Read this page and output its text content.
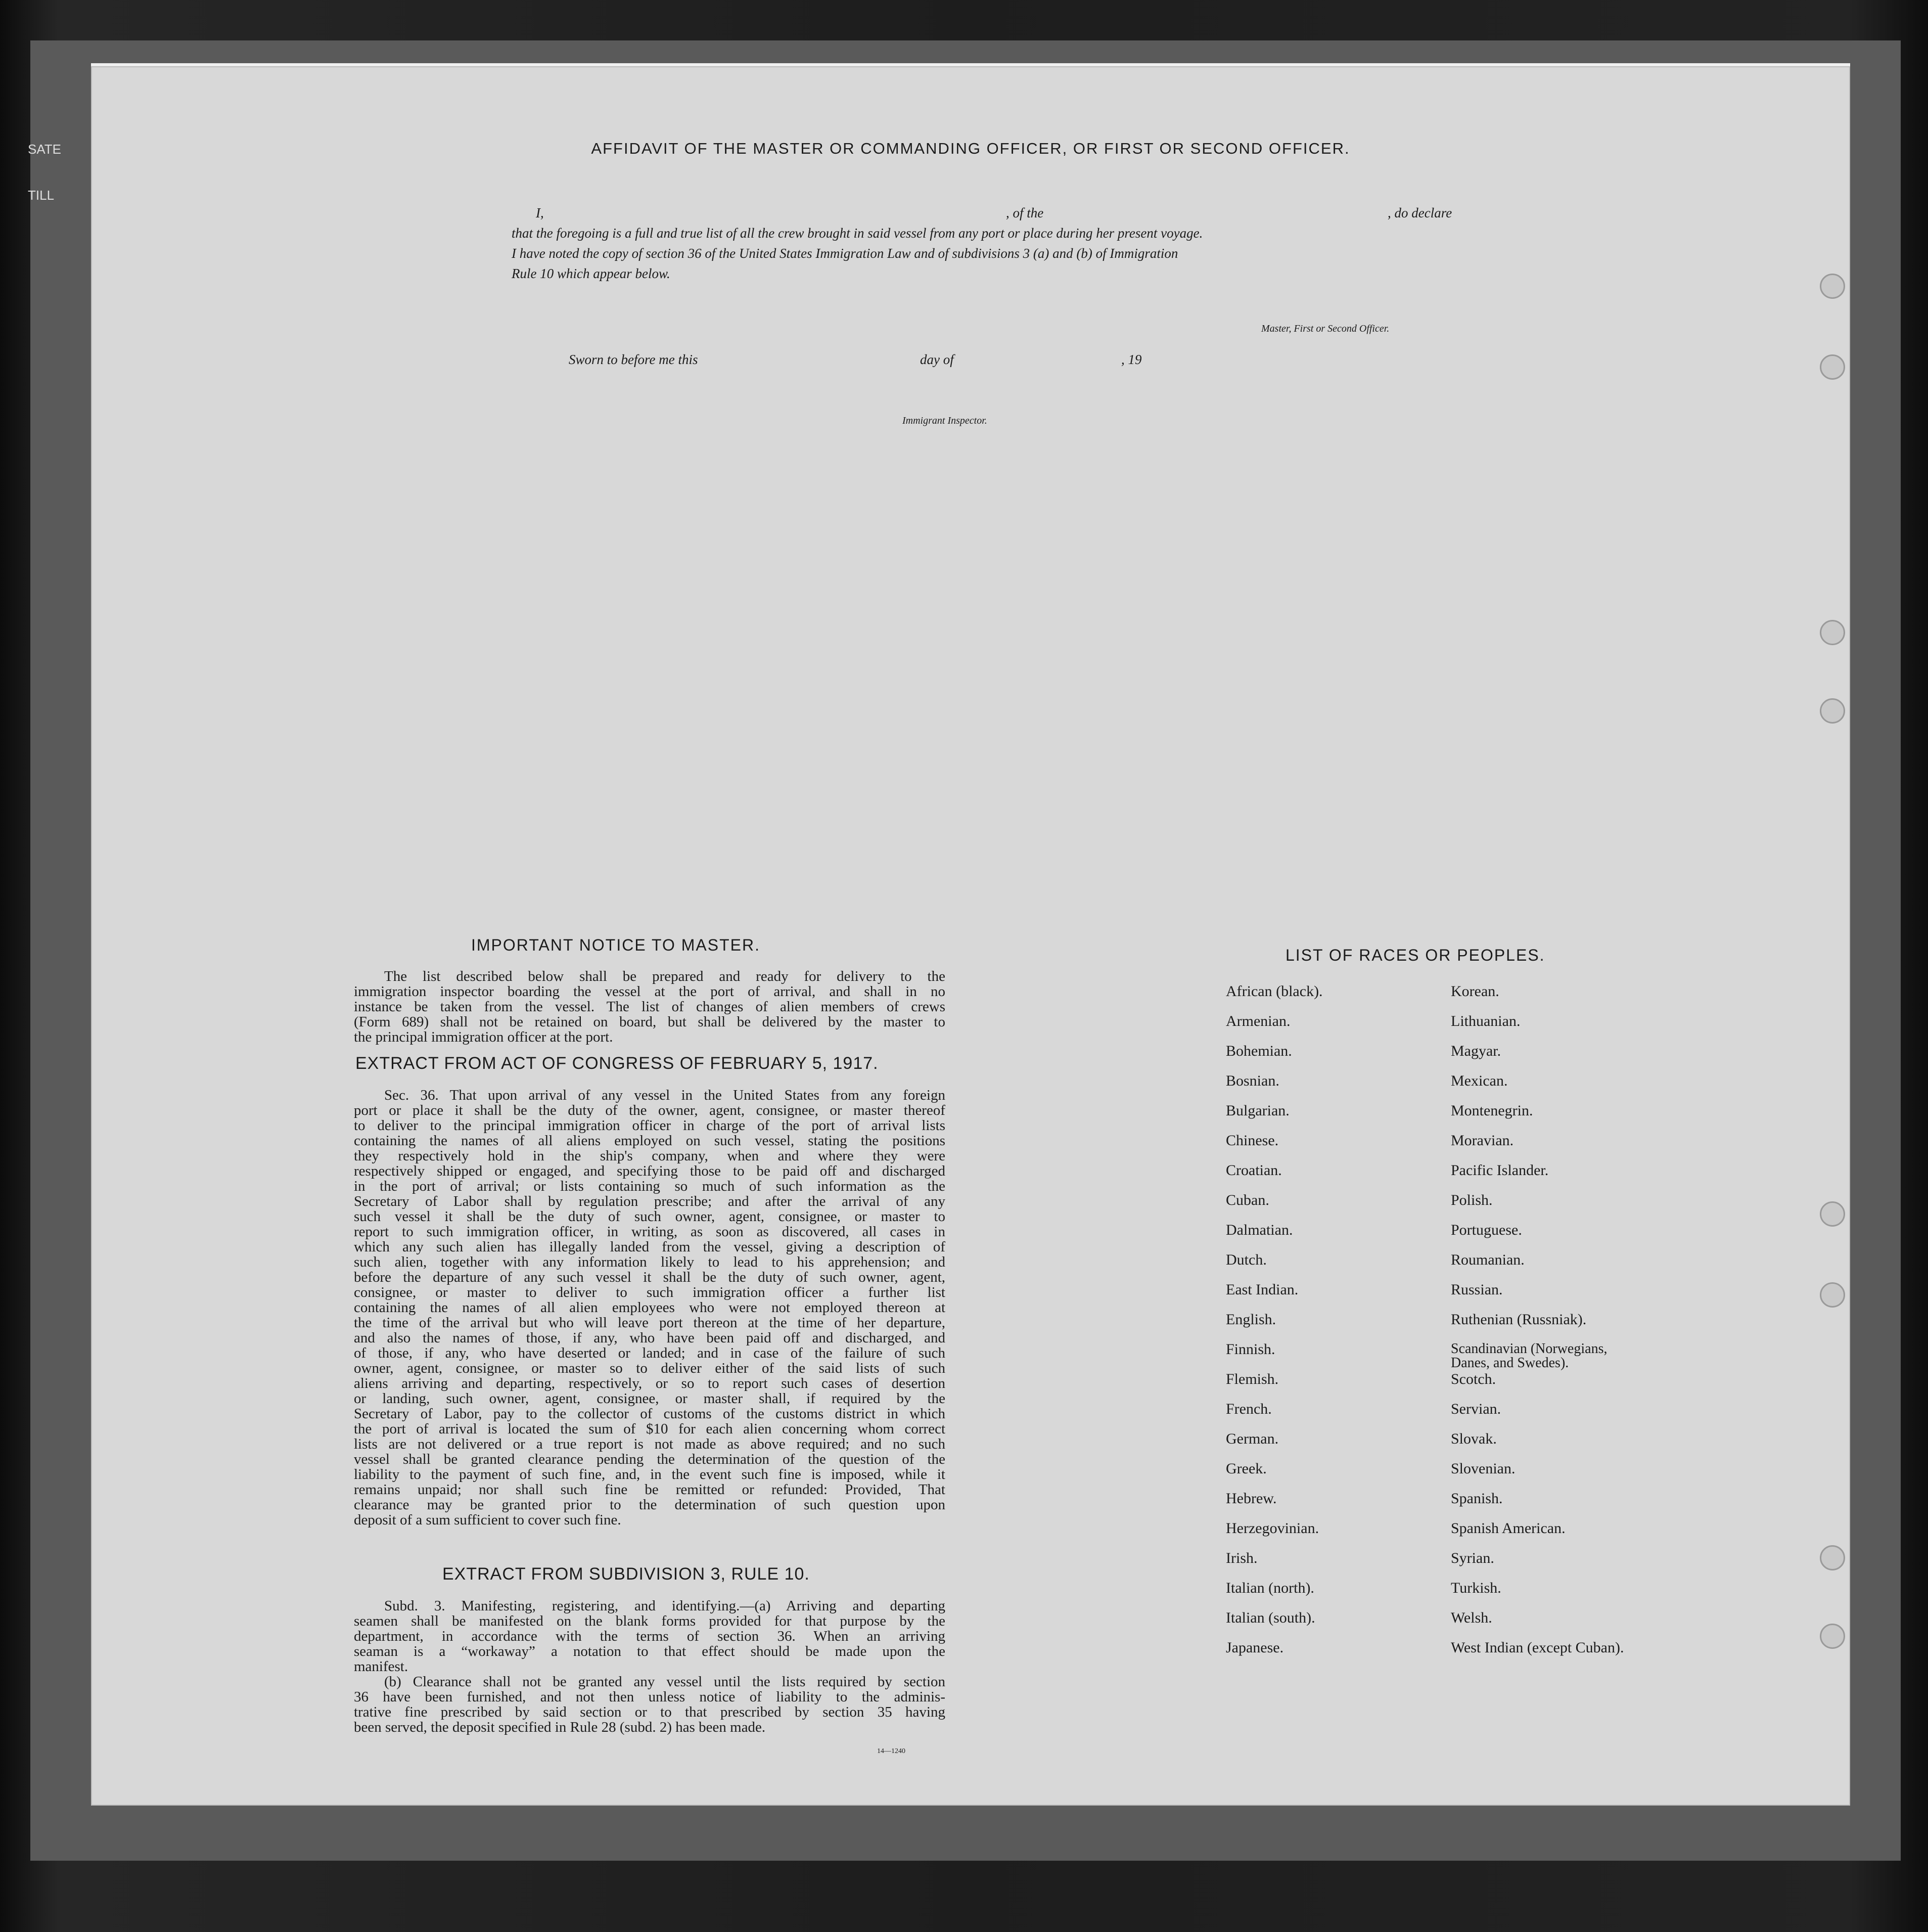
SATE
TILL
AFFIDAVIT OF THE MASTER OR COMMANDING OFFICER, OR FIRST OR SECOND OFFICER.
I,	, of the	, do declare
that the foregoing is a full and true list of all the crew brought in said vessel from any port or place during her present voyage.
I have noted the copy of section 36 of the United States Immigration Law and of subdivisions 3 (a) and (b) of Immigration
Rule 10 which appear below.
Master, First or Second Officer.
Sworn to before me this	day of	, 19
Immigrant Inspector.
IMPORTANT NOTICE TO MASTER.
The list described below shall be prepared and ready for delivery to the
immigration inspector boarding the vessel at the port of arrival, and shall in no
instance be taken from the vessel. The list of changes of alien members of crews
(Form 689) shall not be retained on board, but shall be delivered by the master to
the principal immigration officer at the port.
EXTRACT FROM ACT OF CONGRESS OF FEBRUARY 5, 1917.
Sec. 36. That upon arrival of any vessel in the United States from any foreign
port or place it shall be the duty of the owner, agent, consignee, or master thereof
to deliver to the principal immigration officer in charge of the port of arrival lists
containing the names of all aliens employed on such vessel, stating the positions
they respectively hold in the ship's company, when and where they were
respectively shipped or engaged, and specifying those to be paid off and discharged
in the port of arrival; or lists containing so much of such information as the
Secretary of Labor shall by regulation prescribe; and after the arrival of any
such vessel it shall be the duty of such owner, agent, consignee, or master to
report to such immigration officer, in writing, as soon as discovered, all cases in
which any such alien has illegally landed from the vessel, giving a description of
such alien, together with any information likely to lead to his apprehension; and
before the departure of any such vessel it shall be the duty of such owner, agent,
consignee, or master to deliver to such immigration officer a further list
containing the names of all alien employees who were not employed thereon at
the time of the arrival but who will leave port thereon at the time of her departure,
and also the names of those, if any, who have been paid off and discharged, and
of those, if any, who have deserted or landed; and in case of the failure of such
owner, agent, consignee, or master so to deliver either of the said lists of such
aliens arriving and departing, respectively, or so to report such cases of desertion
or landing, such owner, agent, consignee, or master shall, if required by the
Secretary of Labor, pay to the collector of customs of the customs district in which
the port of arrival is located the sum of $10 for each alien concerning whom correct
lists are not delivered or a true report is not made as above required; and no such
vessel shall be granted clearance pending the determination of the question of the
liability to the payment of such fine, and, in the event such fine is imposed, while it
remains unpaid; nor shall such fine be remitted or refunded: Provided, That
clearance may be granted prior to the determination of such question upon
deposit of a sum sufficient to cover such fine.
EXTRACT FROM SUBDIVISION 3, RULE 10.
Subd. 3. Manifesting, registering, and identifying.—(a) Arriving and departing
seamen shall be manifested on the blank forms provided for that purpose by the
department, in accordance with the terms of section 36. When an arriving
seaman is a “workaway” a notation to that effect should be made upon the
manifest.
(b) Clearance shall not be granted any vessel until the lists required by section
36 have been furnished, and not then unless notice of liability to the adminis-
trative fine prescribed by said section or to that prescribed by section 35 having
been served, the deposit specified in Rule 28 (subd. 2) has been made.
14—1240
LIST OF RACES OR PEOPLES.
African (black).
Armenian.
Bohemian.
Bosnian.
Bulgarian.
Chinese.
Croatian.
Cuban.
Dalmatian.
Dutch.
East Indian.
English.
Finnish.
Flemish.
French.
German.
Greek.
Hebrew.
Herzegovinian.
Irish.
Italian (north).
Italian (south).
Japanese.
Korean.
Lithuanian.
Magyar.
Mexican.
Montenegrin.
Moravian.
Pacific Islander.
Polish.
Portuguese.
Roumanian.
Russian.
Ruthenian (Russniak).
Scandinavian (Norwegians,
Danes, and Swedes).
Scotch.
Servian.
Slovak.
Slovenian.
Spanish.
Spanish American.
Syrian.
Turkish.
Welsh.
West Indian (except Cuban).
